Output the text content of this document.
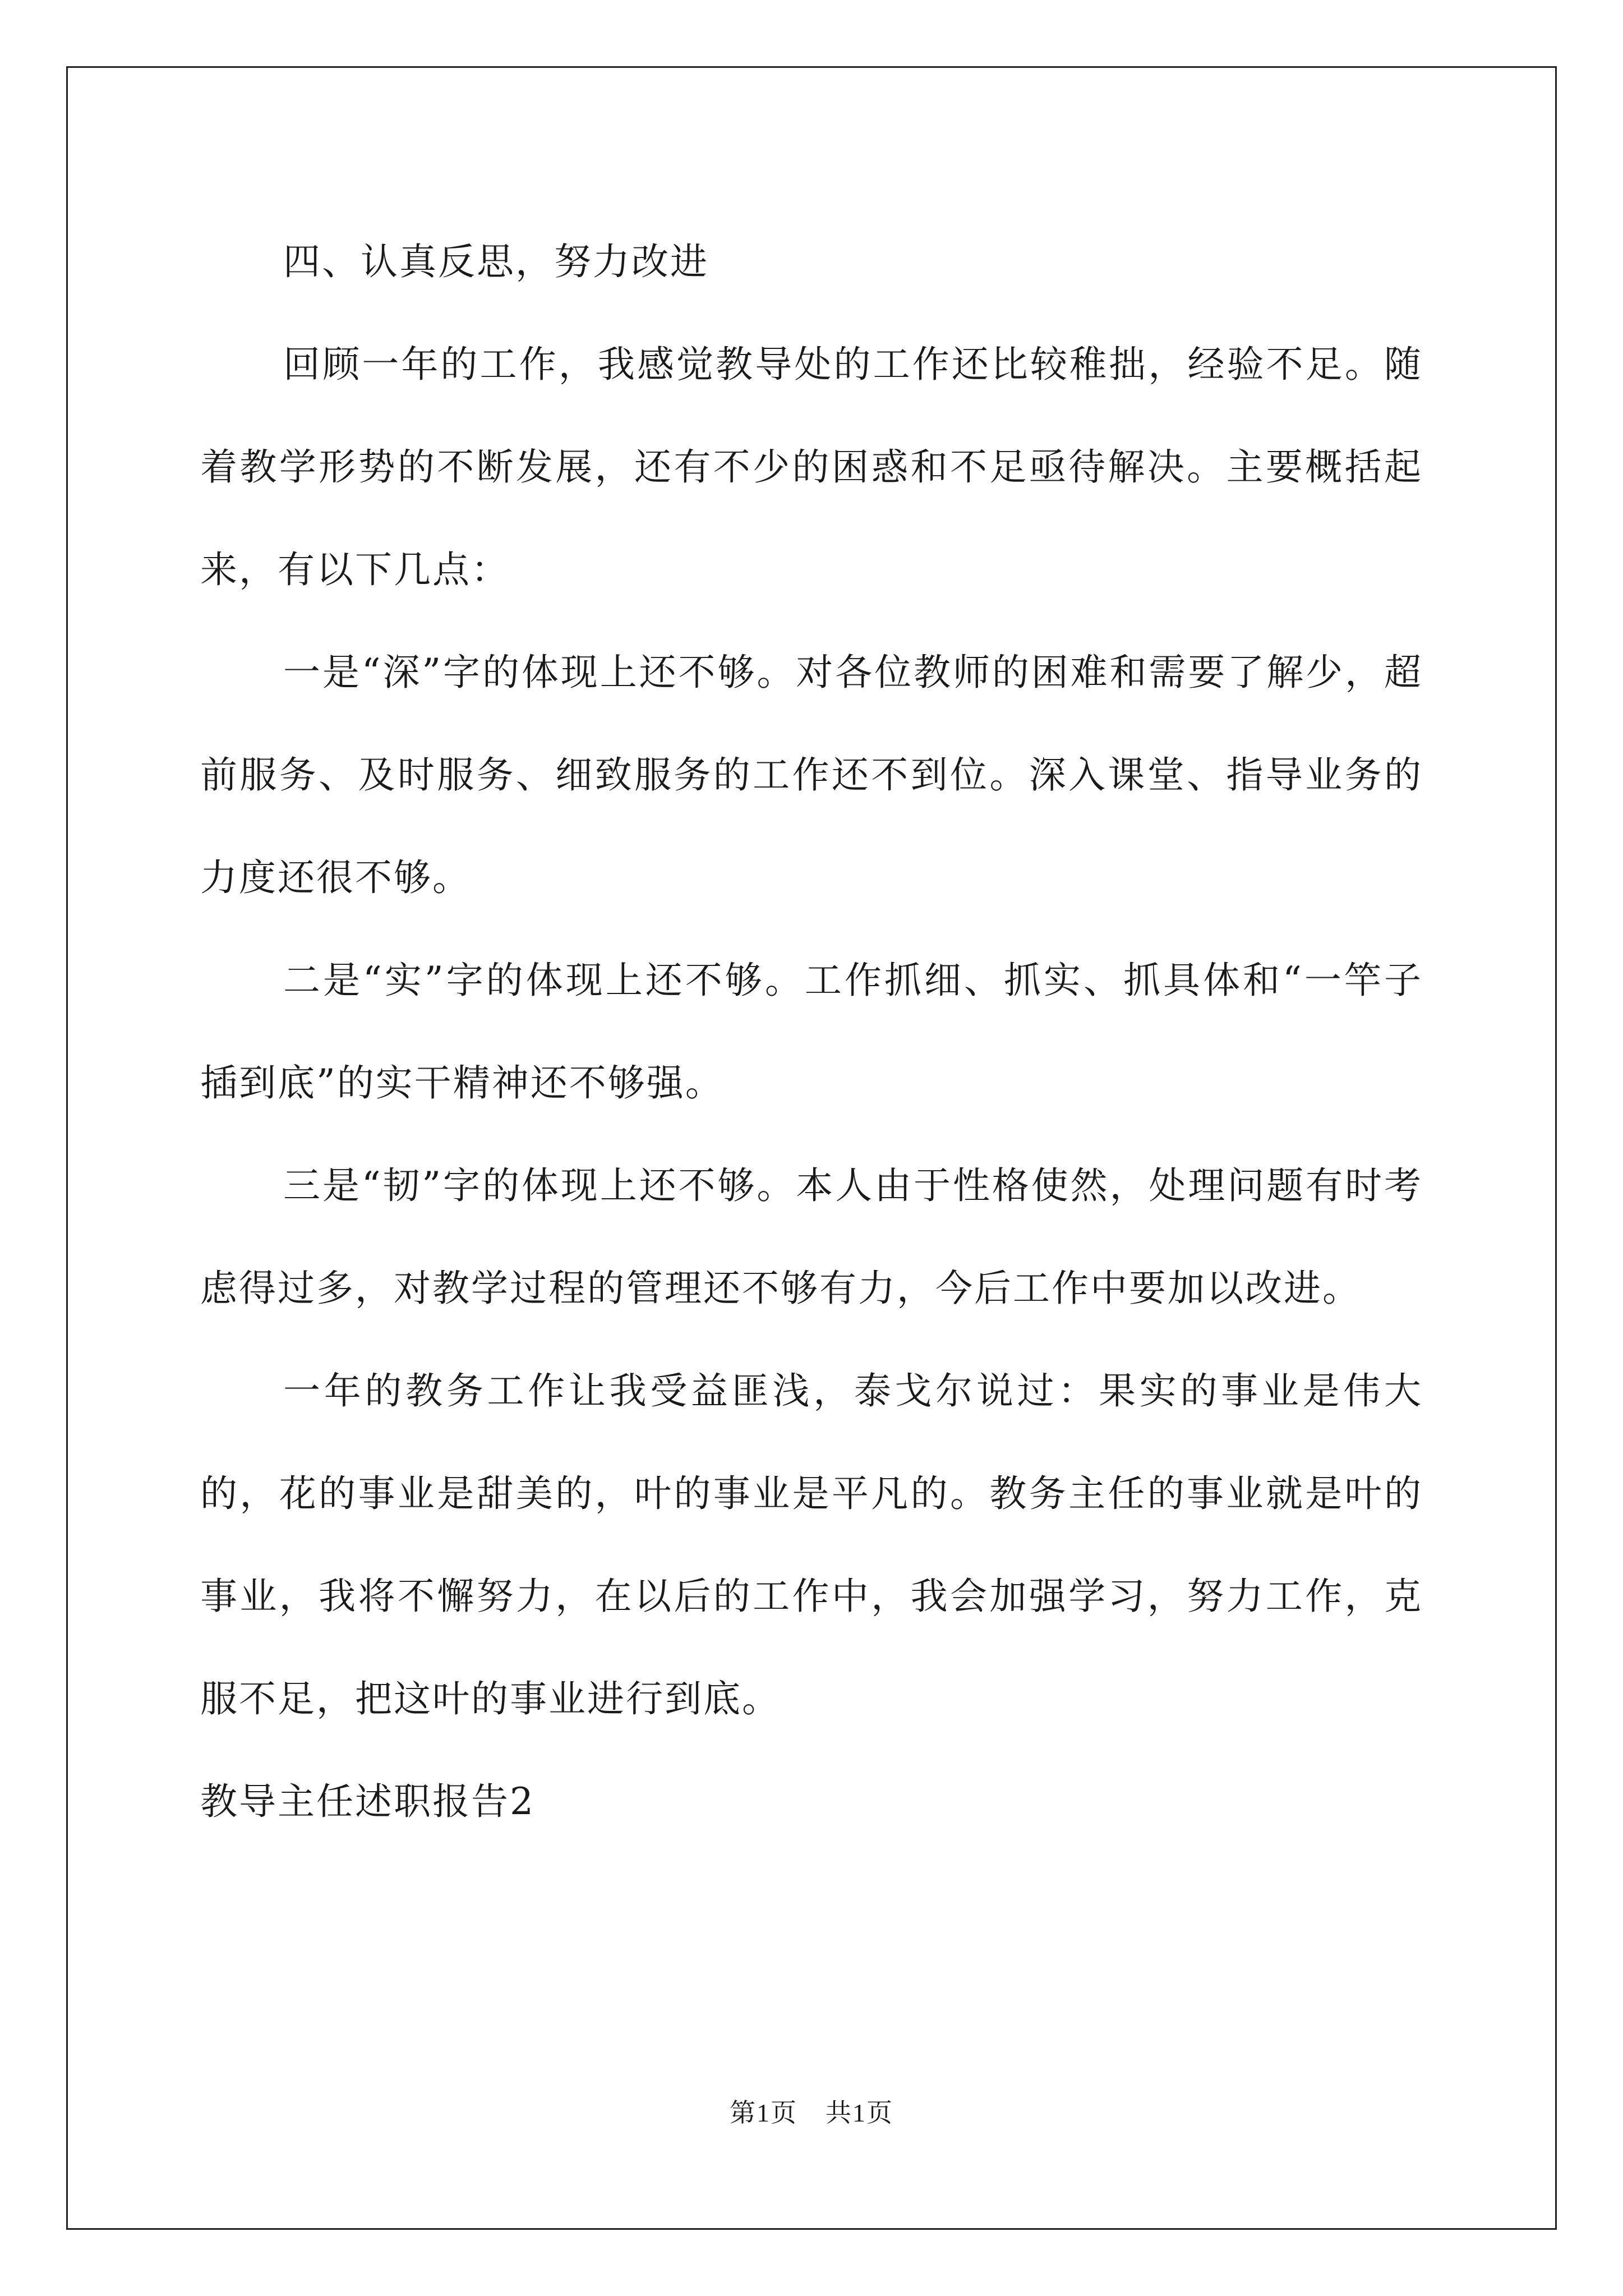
四、认真反思，努力改进

回顾一年的工作，我感觉教导处的工作还比较稚拙，经验不足。随着教学形势的不断发展，还有不少的困惑和不足亟待解决。主要概括起来，有以下几点：

一是“深”字的体现上还不够。对各位教师的困难和需要了解少，超前服务、及时服务、细致服务的工作还不到位。深入课堂、指导业务的力度还很不够。

二是“实”字的体现上还不够。工作抓细、抓实、抓具体和“一竿子插到底”的实干精神还不够强。

三是“韧”字的体现上还不够。本人由于性格使然，处理问题有时考虑得过多，对教学过程的管理还不够有力，今后工作中要加以改进。

一年的教务工作让我受益匪浅，泰戈尔说过：果实的事业是伟大的，花的事业是甜美的，叶的事业是平凡的。教务主任的事业就是叶的事业，我将不懈努力，在以后的工作中，我会加强学习，努力工作，克服不足，把这叶的事业进行到底。

教导主任述职报告2

第1页 共1页
